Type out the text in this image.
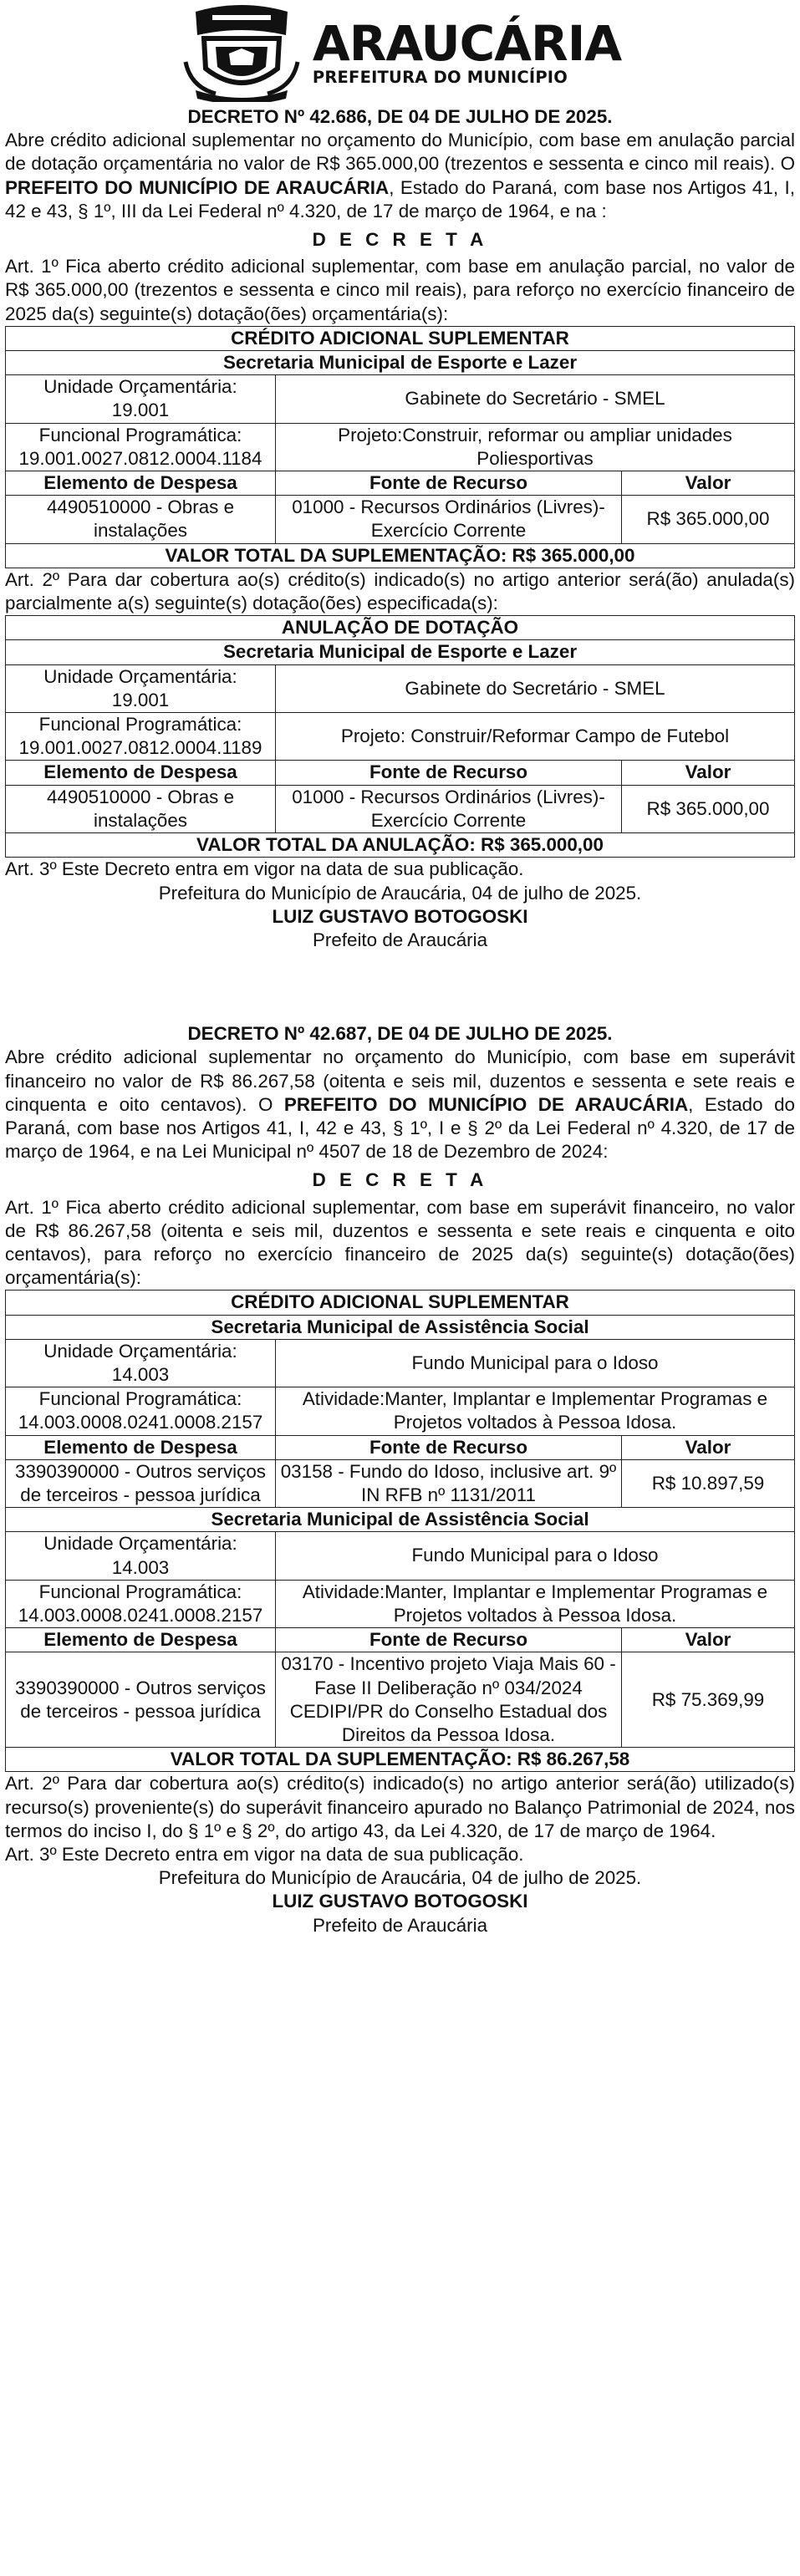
ARAUCÁRIA
PREFEITURA DO MUNICÍPIO
DECRETO Nº 42.686, DE 04 DE JULHO DE 2025.

Abre crédito adicional suplementar no orçamento do Município, com base em anulação parcial de dotação orçamentária no valor de R$ 365.000,00 (trezentos e sessenta e cinco mil reais). O PREFEITO DO MUNICÍPIO DE ARAUCÁRIA, Estado do Paraná, com base nos Artigos 41, I, 42 e 43, § 1º, III da Lei Federal nº 4.320, de 17 de março de 1964, e na :

D E C R E T A

Art. 1º Fica aberto crédito adicional suplementar, com base em anulação parcial, no valor de R$ 365.000,00 (trezentos e sessenta e cinco mil reais), para reforço no exercício financeiro de 2025 da(s) seguinte(s) dotação(ões) orçamentária(s):

CRÉDITO ADICIONAL SUPLEMENTAR		
Secretaria Municipal de Esporte e Lazer		

Unidade Orçamentária:
19.001	Gabinete do Secretário - SMEL	

Funcional Programática:
19.001.0027.0812.0004.1184	Projeto:Construir, reformar ou ampliar unidades Poliesportivas	
Elemento de Despesa	Fonte de Recurso	Valor
4490510000 - Obras e instalações	01000 - Recursos Ordinários (Livres)- Exercício Corrente	R$ 365.000,00
VALOR TOTAL DA SUPLEMENTAÇÃO: R$ 365.000,00		

Art. 2º Para dar cobertura ao(s) crédito(s) indicado(s) no artigo anterior será(ão) anulada(s) parcialmente a(s) seguinte(s) dotação(ões) especificada(s):

ANULAÇÃO DE DOTAÇÃO		
Secretaria Municipal de Esporte e Lazer		

Unidade Orçamentária:
19.001	Gabinete do Secretário - SMEL	

Funcional Programática:
19.001.0027.0812.0004.1189	Projeto: Construir/Reformar Campo de Futebol	
Elemento de Despesa	Fonte de Recurso	Valor
4490510000 - Obras e instalações	01000 - Recursos Ordinários (Livres)- Exercício Corrente	R$ 365.000,00
VALOR TOTAL DA ANULAÇÃO: R$ 365.000,00		

Art. 3º Este Decreto entra em vigor na data de sua publicação.

Prefeitura do Município de Araucária, 04 de julho de 2025.

LUIZ GUSTAVO BOTOGOSKI

Prefeito de Araucária

DECRETO Nº 42.687, DE 04 DE JULHO DE 2025.

Abre crédito adicional suplementar no orçamento do Município, com base em superávit financeiro no valor de R$ 86.267,58 (oitenta e seis mil, duzentos e sessenta e sete reais e cinquenta e oito centavos). O PREFEITO DO MUNICÍPIO DE ARAUCÁRIA, Estado do Paraná, com base nos Artigos 41, I, 42 e 43, § 1º, I e § 2º da Lei Federal nº 4.320, de 17 de março de 1964, e na Lei Municipal nº 4507 de 18 de Dezembro de 2024:

D E C R E T A

Art. 1º Fica aberto crédito adicional suplementar, com base em superávit financeiro, no valor de R$ 86.267,58 (oitenta e seis mil, duzentos e sessenta e sete reais e cinquenta e oito centavos), para reforço no exercício financeiro de 2025 da(s) seguinte(s) dotação(ões) orçamentária(s):

CRÉDITO ADICIONAL SUPLEMENTAR		
Secretaria Municipal de Assistência Social		

Unidade Orçamentária:
14.003	Fundo Municipal para o Idoso	

Funcional Programática:
14.003.0008.0241.0008.2157	Atividade:Manter, Implantar e Implementar Programas e Projetos voltados à Pessoa Idosa.	
Elemento de Despesa	Fonte de Recurso	Valor
3390390000 - Outros serviços de terceiros - pessoa jurídica	03158 - Fundo do Idoso, inclusive art. 9º IN RFB nº 1131/2011	R$ 10.897,59
Secretaria Municipal de Assistência Social		

Unidade Orçamentária:
14.003	Fundo Municipal para o Idoso	

Funcional Programática:
14.003.0008.0241.0008.2157	Atividade:Manter, Implantar e Implementar Programas e Projetos voltados à Pessoa Idosa.	
Elemento de Despesa	Fonte de Recurso	Valor
3390390000 - Outros serviços de terceiros - pessoa jurídica	03170 - Incentivo projeto Viaja Mais 60 - Fase II Deliberação nº 034/2024 CEDIPI/PR do Conselho Estadual dos Direitos da Pessoa Idosa.	R$ 75.369,99
VALOR TOTAL DA SUPLEMENTAÇÃO: R$ 86.267,58		

Art. 2º Para dar cobertura ao(s) crédito(s) indicado(s) no artigo anterior será(ão) utilizado(s) recurso(s) proveniente(s) do superávit financeiro apurado no Balanço Patrimonial de 2024, nos termos do inciso I, do § 1º e § 2º, do artigo 43, da Lei 4.320, de 17 de março de 1964.

Art. 3º Este Decreto entra em vigor na data de sua publicação.

Prefeitura do Município de Araucária, 04 de julho de 2025.

LUIZ GUSTAVO BOTOGOSKI

Prefeito de Araucária
